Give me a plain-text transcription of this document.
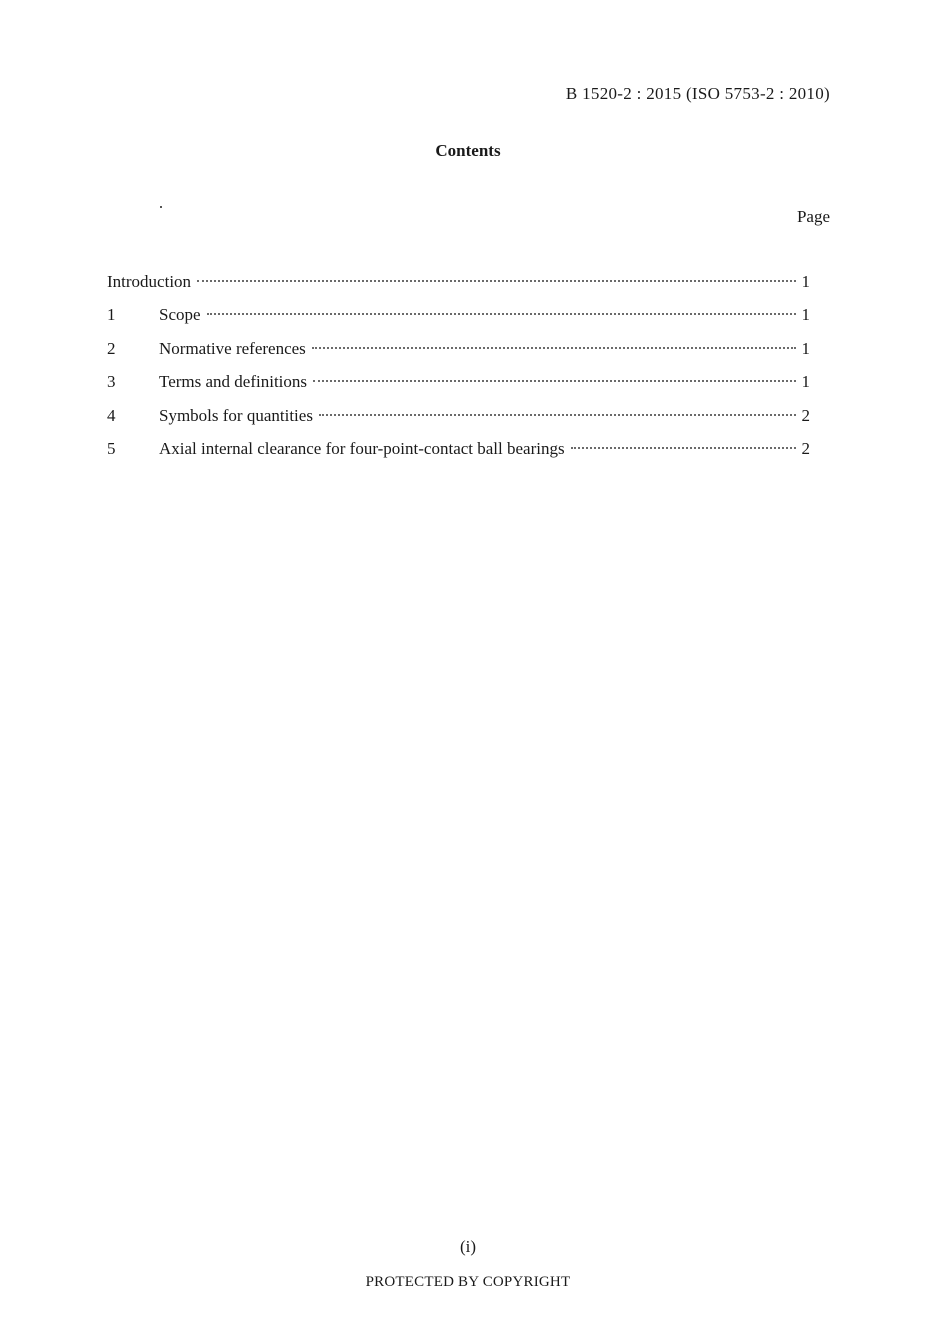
B 1520-2 : 2015 (ISO 5753-2 : 2010)
Contents
Page
Introduction	1
1	Scope	1
2	Normative references	1
3	Terms and definitions	1
4	Symbols for quantities	2
5	Axial internal clearance for four-point-contact ball bearings	2
(i)
PROTECTED BY COPYRIGHT
